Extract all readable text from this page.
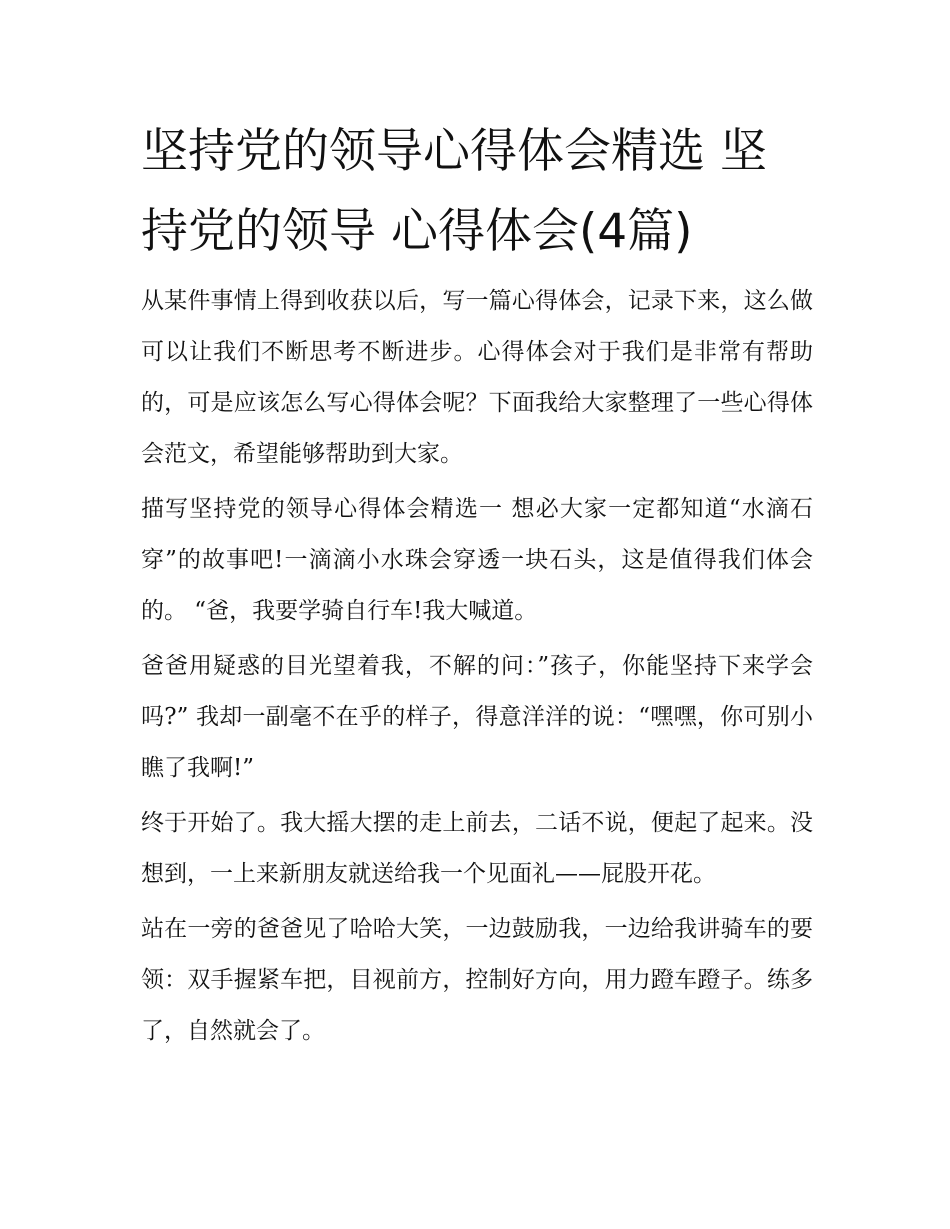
坚持党的领导心得体会精选 坚持党的领导 心得体会(4篇)

从某件事情上得到收获以后，写一篇心得体会，记录下来，这么做可以让我们不断思考不断进步。心得体会对于我们是非常有帮助的，可是应该怎么写心得体会呢？下面我给大家整理了一些心得体会范文，希望能够帮助到大家。

描写坚持党的领导心得体会精选一 想必大家一定都知道“水滴石穿”的故事吧!一滴滴小水珠会穿透一块石头，这是值得我们体会的。 “爸，我要学骑自行车!我大喊道。

爸爸用疑惑的目光望着我，不解的问：”孩子，你能坚持下来学会吗?” 我却一副毫不在乎的样子，得意洋洋的说：“嘿嘿，你可别小瞧了我啊!”

终于开始了。我大摇大摆的走上前去，二话不说，便起了起来。没想到，一上来新朋友就送给我一个见面礼——屁股开花。

站在一旁的爸爸见了哈哈大笑，一边鼓励我，一边给我讲骑车的要领：双手握紧车把，目视前方，控制好方向，用力蹬车蹬子。练多了，自然就会了。
